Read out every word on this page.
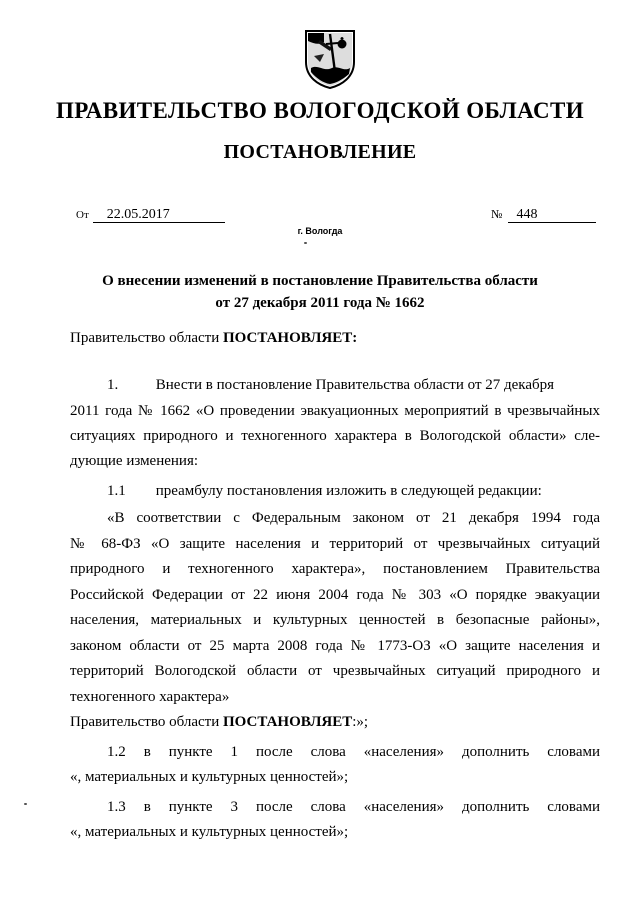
ПРАВИТЕЛЬСТВО ВОЛОГОДСКОЙ ОБЛАСТИ
ПОСТАНОВЛЕНИЕ
От 22.05.2017	№ 448
г. Вологда
О внесении изменений в постановление Правительства области
от 27 декабря 2011 года № 1662
Правительство области ПОСТАНОВЛЯЕТ:
1.	Внести в постановление Правительства области от 27 декабря
2011 года № 1662 «О проведении эвакуационных мероприятий в чрезвычайных
ситуациях природного и техногенного характера в Вологодской области» сле-
дующие изменения:
1.1 преамбулу постановления изложить в следующей редакции:
«В соответствии с Федеральным законом от 21 декабря 1994 года
№ 68-ФЗ «О защите населения и территорий от чрезвычайных ситуаций
природного и техногенного характера», постановлением Правительства
Российской Федерации от 22 июня 2004 года № 303 «О порядке эвакуации
населения, материальных и культурных ценностей в безопасные районы»,
законом области от 25 марта 2008 года № 1773-ОЗ «О защите населения и
территорий Вологодской области от чрезвычайных ситуаций природного и
техногенного характера»
Правительство области ПОСТАНОВЛЯЕТ:»;
1.2 в пункте 1 после слова «населения» дополнить словами
«, материальных и культурных ценностей»;
1.3 в пункте 3 после слова «населения» дополнить словами
«, материальных и культурных ценностей»;
